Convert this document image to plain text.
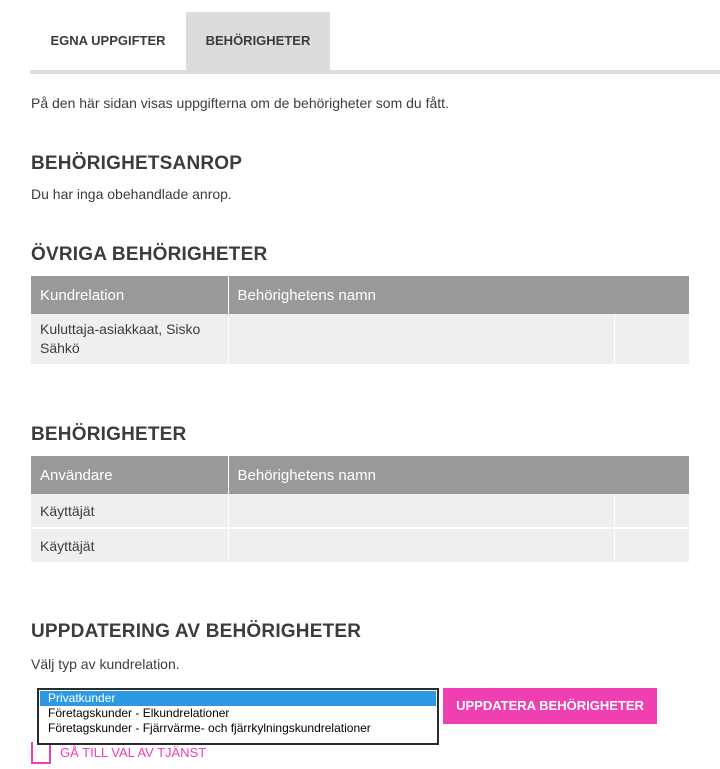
EGNA UPPGIFTER	BEHÖRIGHETER
På den här sidan visas uppgifterna om de behörigheter som du fått.
BEHÖRIGHETSANROP
Du har inga obehandlade anrop.
ÖVRIGA BEHÖRIGHETER
Kundrelation	Behörighetens namn	
Kuluttaja-asiakkaat, Sisko Sähkö		
BEHÖRIGHETER
Användare	Behörighetens namn	
Käyttäjät		
Käyttäjät		
UPPDATERING AV BEHÖRIGHETER
Välj typ av kundrelation.
GÅ TILL VAL AV TJÄNST
Privatkunder
Företagskunder - Elkundrelationer
Företagskunder - Fjärrvärme- och fjärrkylningskundrelationer
UPPDATERA BEHÖRIGHETER
